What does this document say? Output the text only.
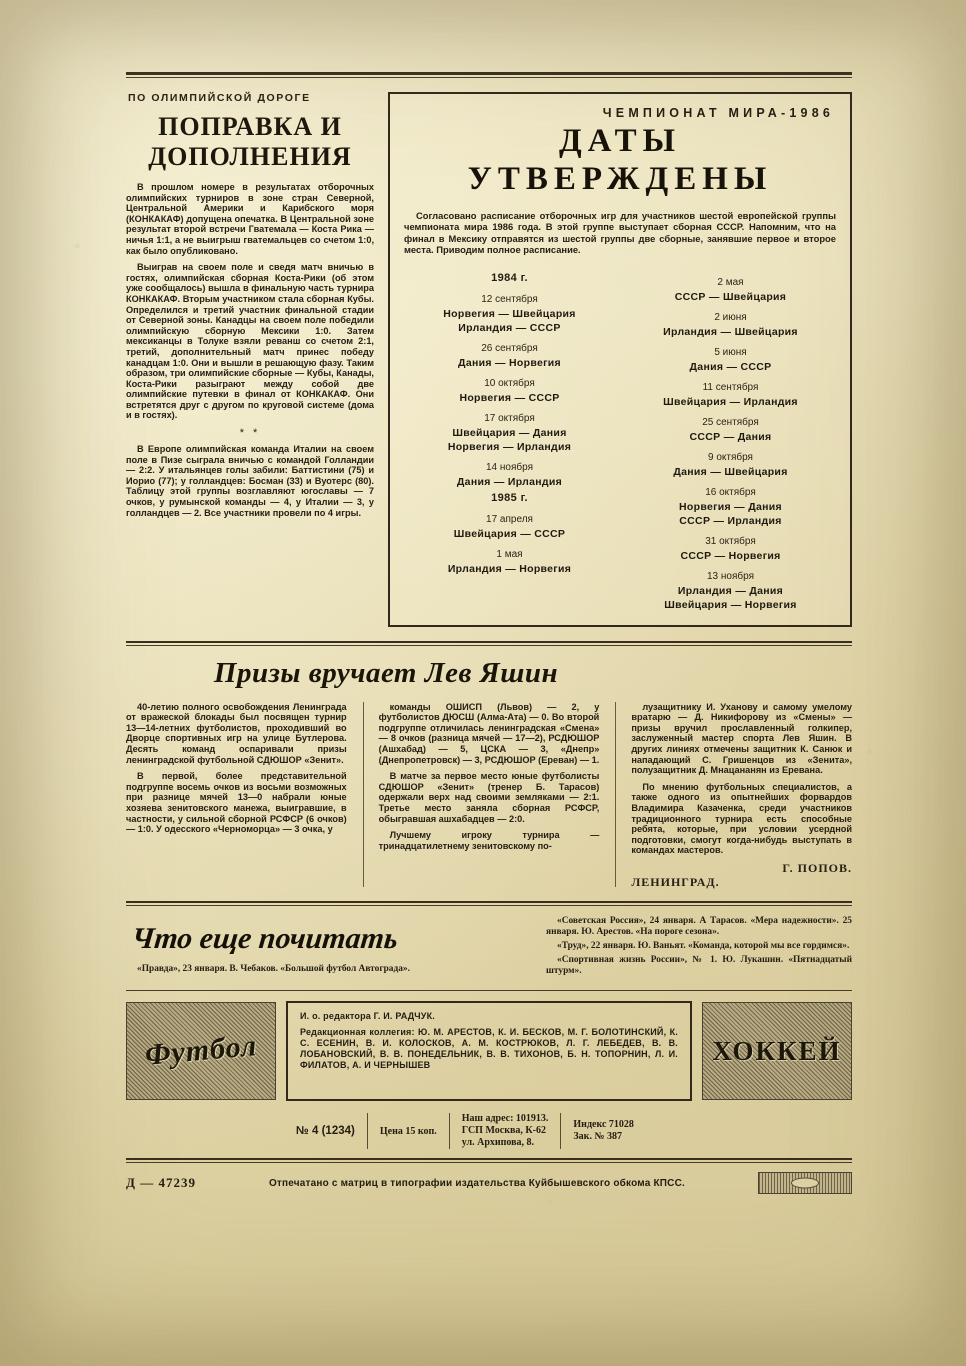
ПО ОЛИМПИЙСКОЙ ДОРОГЕ
ПОПРАВКА И
ДОПОЛНЕНИЯ

В прошлом номере в результатах отборочных олимпийских турниров в зоне стран Северной, Центральной Америки и Карибского моря (КОНКАКАФ) допущена опечатка. В Центральной зоне результат второй встречи Гватемала — Коста Рика — ничья 1:1, а не выигрыш гватемальцев со счетом 1:0, как было опубликовано.

Выиграв на своем поле и сведя матч вничью в гостях, олимпийская сборная Коста-Рики (об этом уже сообщалось) вышла в финальную часть турнира КОНКАКАФ. Вторым участником стала сборная Кубы. Определился и третий участник финальной стадии от Северной зоны. Канадцы на своем поле победили олимпийскую сборную Мексики 1:0. Затем мексиканцы в Толуке взяли реванш со счетом 2:1, третий, дополнительный матч принес победу канадцам 1:0. Они и вышли в решающую фазу. Таким образом, три олимпийские сборные — Кубы, Канады, Коста-Рики разыграют между собой две олимпийские путевки в финал от КОНКАКАФ. Они встретятся друг с другом по круговой системе (дома и в гостях).

* *

В Европе олимпийская команда Италии на своем поле в Пизе сыграла вничью с командой Голландии — 2:2. У итальянцев голы забили: Баттистини (75) и Иорио (77); у голландцев: Босман (33) и Вуотерс (80). Таблицу этой группы возглавляют югославы — 7 очков, у румынской команды — 4, у Италии — 3, у голландцев — 2. Все участники провели по 4 игры.

ЧЕМПИОНАТ МИРА-1986
ДАТЫ УТВЕРЖДЕНЫ
Согласовано расписание отборочных игр для участников шестой европейской группы чемпионата мира 1986 года. В этой группе выступает сборная СССР. Напомним, что на финал в Мексику отправятся из шестой группы две сборные, занявшие первое и второе места. Приводим полное расписание.
1984 г.
12 сентября
Норвегия — Швейцария
Ирландия — СССР
26 сентября
Дания — Норвегия
10 октября
Норвегия — СССР
17 октября
Швейцария — Дания
Норвегия — Ирландия
14 ноября
Дания — Ирландия
1985 г.
17 апреля
Швейцария — СССР
1 мая
Ирландия — Норвегия
2 мая
СССР — Швейцария
2 июня
Ирландия — Швейцария
5 июня
Дания — СССР
11 сентября
Швейцария — Ирландия
25 сентября
СССР — Дания
9 октября
Дания — Швейцария
16 октября
Норвегия — Дания
СССР — Ирландия
31 октября
СССР — Норвегия
13 ноября
Ирландия — Дания
Швейцария — Норвегия
Призы вручает Лев Яшин

40-летию полного освобождения Ленинграда от вражеской блокады был посвящен турнир 13—14-летних футболистов, проходивший во Дворце спортивных игр на улице Бутлерова. Десять команд оспаривали призы ленинградской футбольной СДЮШОР «Зенит».

В первой, более представительной подгруппе восемь очков из восьми возможных при разнице мячей 13—0 набрали юные хозяева зенитовского манежа, выигравшие, в частности, у сильной сборной РСФСР (6 очков) — 1:0. У одесского «Черноморца» — 3 очка, у

команды ОШИСП (Львов) — 2, у футболистов ДЮСШ (Алма-Ата) — 0. Во второй подгруппе отличилась ленинградская «Смена» — 8 очков (разница мячей — 17—2), РСДЮШОР (Ашхабад) — 5, ЦСКА — 3, «Днепр» (Днепропетровск) — 3, РСДЮШОР (Ереван) — 1.

В матче за первое место юные футболисты СДЮШОР «Зенит» (тренер Б. Тарасов) одержали верх над своими земляками — 2:1. Третье место заняла сборная РСФСР, обыгравшая ашхабадцев — 2:0.

Лучшему игроку турнира — тринадцатилетнему зенитовскому по-

лузащитнику И. Уханову и самому умелому вратарю — Д. Никифорову из «Смены» — призы вручил прославленный голкипер, заслуженный мастер спорта Лев Яшин. В других линиях отмечены защитник К. Санюк и нападающий С. Гришенцов из «Зенита», полузащитник Д. Мнацананян из Еревана.

По мнению футбольных специалистов, а также одного из опытнейших форвардов Владимира Казаченка, среди участников традиционного турнира есть способные ребята, которые, при условии усердной подготовки, смогут когда-нибудь выступать в командах мастеров.

Г. ПОПОВ.
ЛЕНИНГРАД.
Что еще почитать

«Правда», 23 января. В. Чебаков. «Большой футбол Автограда».

«Советская Россия», 24 января. А Тарасов. «Мера надежности». 25 января. Ю. Арестов. «На пороге сезона».

«Труд», 22 января. Ю. Ваньят. «Команда, которой мы все гордимся».

«Спортивная жизнь России», № 1. Ю. Лукашин. «Пятнадцатый штурм».

Футбол
И. о. редактора Г. И. РАДЧУК.
Редакционная коллегия: Ю. М. АРЕСТОВ, К. И. БЕСКОВ, М. Г. БОЛОТИНСКИЙ, К. С. ЕСЕНИН, В. И. КОЛОСКОВ, А. М. КОСТРЮКОВ, Л. Г. ЛЕБЕДЕВ, В. В. ЛОБАНОВСКИЙ, В. В. ПОНЕДЕЛЬНИК, В. В. ТИХОНОВ, Б. Н. ТОПОРНИН, Л. И. ФИЛАТОВ, А. И ЧЕРНЫШЕВ	ХОККЕЙ
№ 4 (1234)	Цена 15 коп.
Наш адрес: 101913.
ГСП Москва, К-62
ул. Архипова, 8.
Индекс 71028
Зак. № 387
Д — 47239	Отпечатано с матриц в типографии издательства Куйбышевского обкома КПСС.
